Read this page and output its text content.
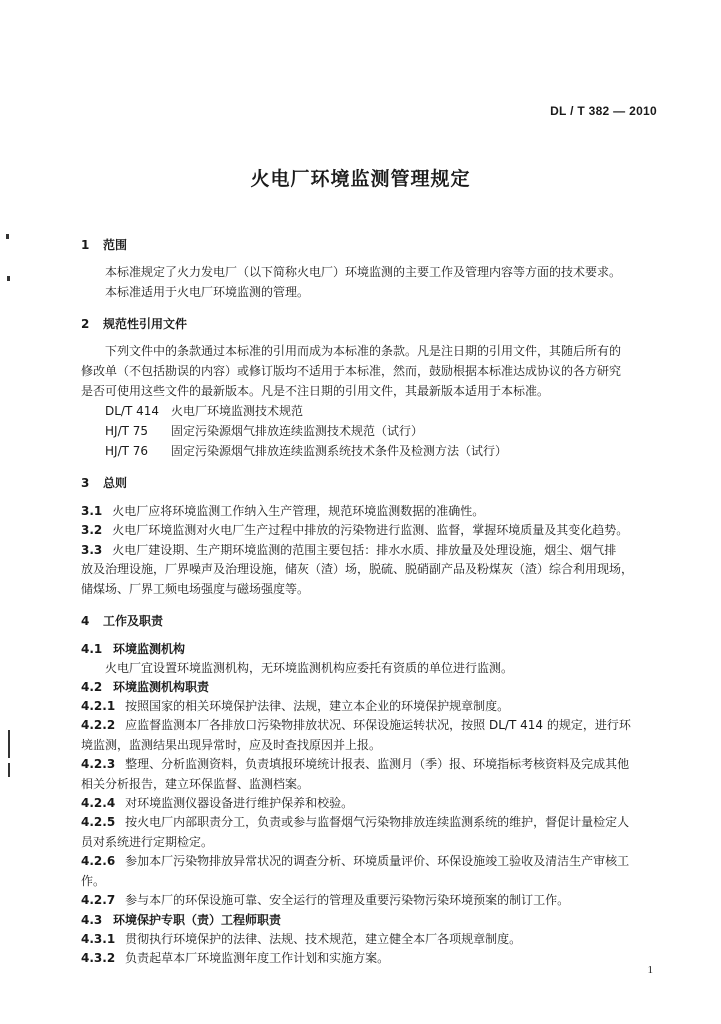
DL / T 382 — 2010
火电厂环境监测管理规定
1 范围
本标准规定了火力发电厂（以下简称火电厂）环境监测的主要工作及管理内容等方面的技术要求。
本标准适用于火电厂环境监测的管理。
2 规范性引用文件
下列文件中的条款通过本标准的引用而成为本标准的条款。凡是注日期的引用文件，其随后所有的
修改单（不包括勘误的内容）或修订版均不适用于本标准，然而，鼓励根据本标准达成协议的各方研究
是否可使用这些文件的最新版本。凡是不注日期的引用文件，其最新版本适用于本标准。
DL/T 414 火电厂环境监测技术规范
HJ/T 75 固定污染源烟气排放连续监测技术规范（试行）
HJ/T 76 固定污染源烟气排放连续监测系统技术条件及检测方法（试行）
3 总则
3.1 火电厂应将环境监测工作纳入生产管理，规范环境监测数据的准确性。
3.2 火电厂环境监测对火电厂生产过程中排放的污染物进行监测、监督，掌握环境质量及其变化趋势。
3.3 火电厂建设期、生产期环境监测的范围主要包括：排水水质、排放量及处理设施，烟尘、烟气排
放及治理设施，厂界噪声及治理设施，储灰（渣）场，脱硫、脱硝副产品及粉煤灰（渣）综合利用现场，
储煤场、厂界工频电场强度与磁场强度等。
4 工作及职责
4.1 环境监测机构
火电厂宜设置环境监测机构，无环境监测机构应委托有资质的单位进行监测。
4.2 环境监测机构职责
4.2.1 按照国家的相关环境保护法律、法规，建立本企业的环境保护规章制度。
4.2.2 应监督监测本厂各排放口污染物排放状况、环保设施运转状况，按照 DL/T 414 的规定，进行环
境监测，监测结果出现异常时，应及时查找原因并上报。
4.2.3 整理、分析监测资料，负责填报环境统计报表、监测月（季）报、环境指标考核资料及完成其他
相关分析报告，建立环保监督、监测档案。
4.2.4 对环境监测仪器设备进行维护保养和校验。
4.2.5 按火电厂内部职责分工，负责或参与监督烟气污染物排放连续监测系统的维护，督促计量检定人
员对系统进行定期检定。
4.2.6 参加本厂污染物排放异常状况的调查分析、环境质量评价、环保设施竣工验收及清洁生产审核工
作。
4.2.7 参与本厂的环保设施可靠、安全运行的管理及重要污染物污染环境预案的制订工作。
4.3 环境保护专职（责）工程师职责
4.3.1 贯彻执行环境保护的法律、法规、技术规范，建立健全本厂各项规章制度。
4.3.2 负责起草本厂环境监测年度工作计划和实施方案。
1
